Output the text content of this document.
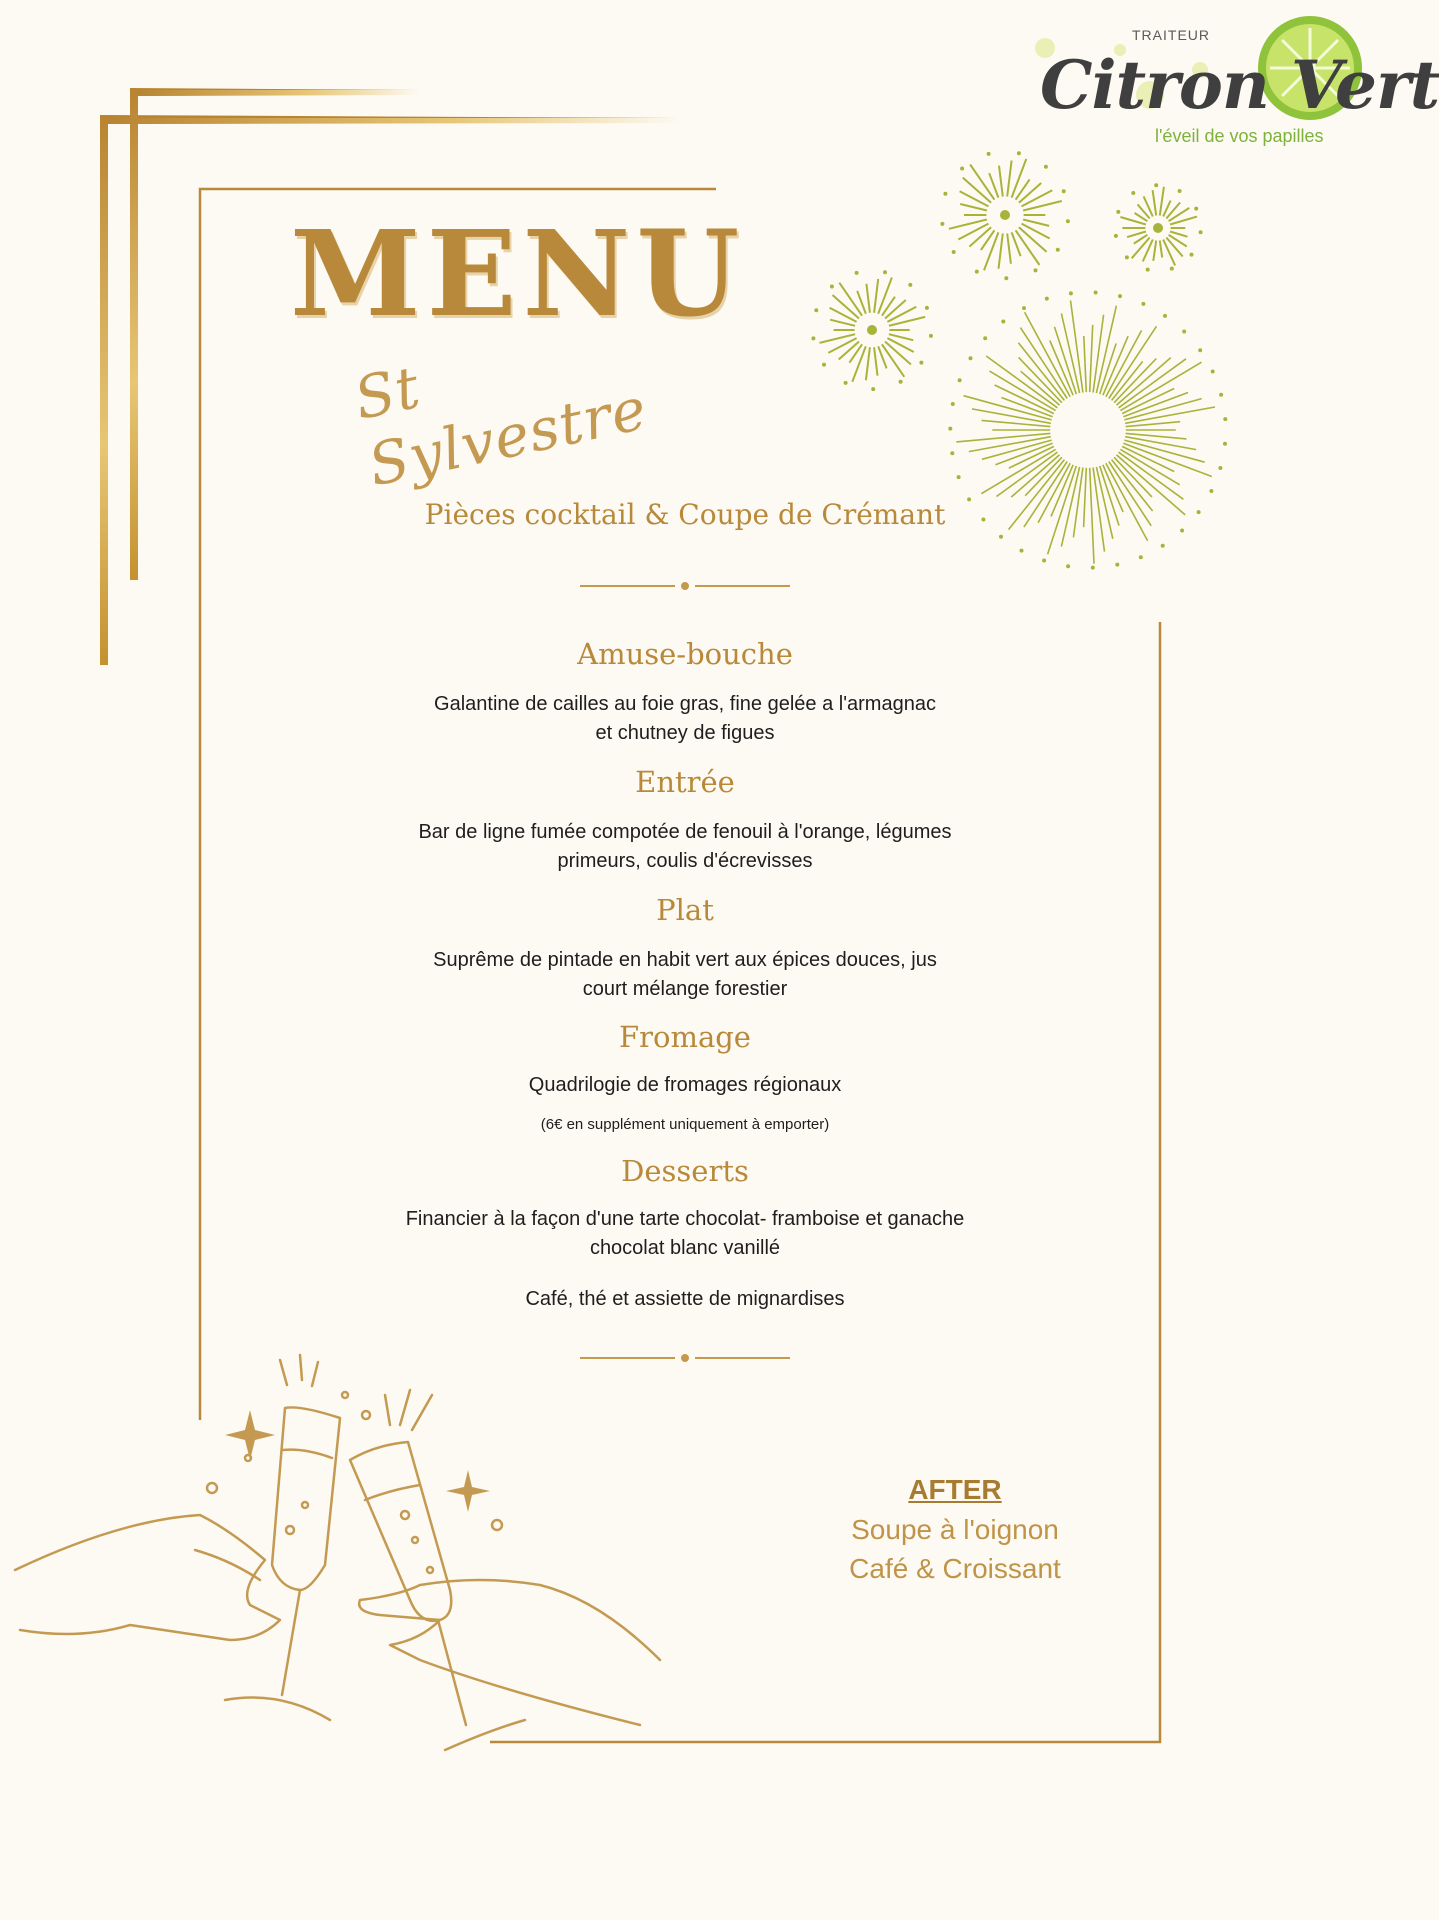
TRAITEUR
Citron Vert
l'éveil de vos papilles
MENU
St Sylvestre
Pièces cocktail & Coupe de Crémant
Amuse-bouche
Galantine de cailles au foie gras, fine gelée a l'armagnac
et chutney de figues
Entrée
Bar de ligne fumée compotée de fenouil à l'orange, légumes
primeurs, coulis d'écrevisses
Plat
Suprême de pintade en habit vert aux épices douces, jus
court mélange forestier
Fromage
Quadrilogie de fromages régionaux
(6€ en supplément uniquement à emporter)
Desserts
Financier à la façon d'une tarte chocolat- framboise et ganache
chocolat blanc vanillé
Café, thé et assiette de mignardises
AFTER
Soupe à l'oignon
Café & Croissant
